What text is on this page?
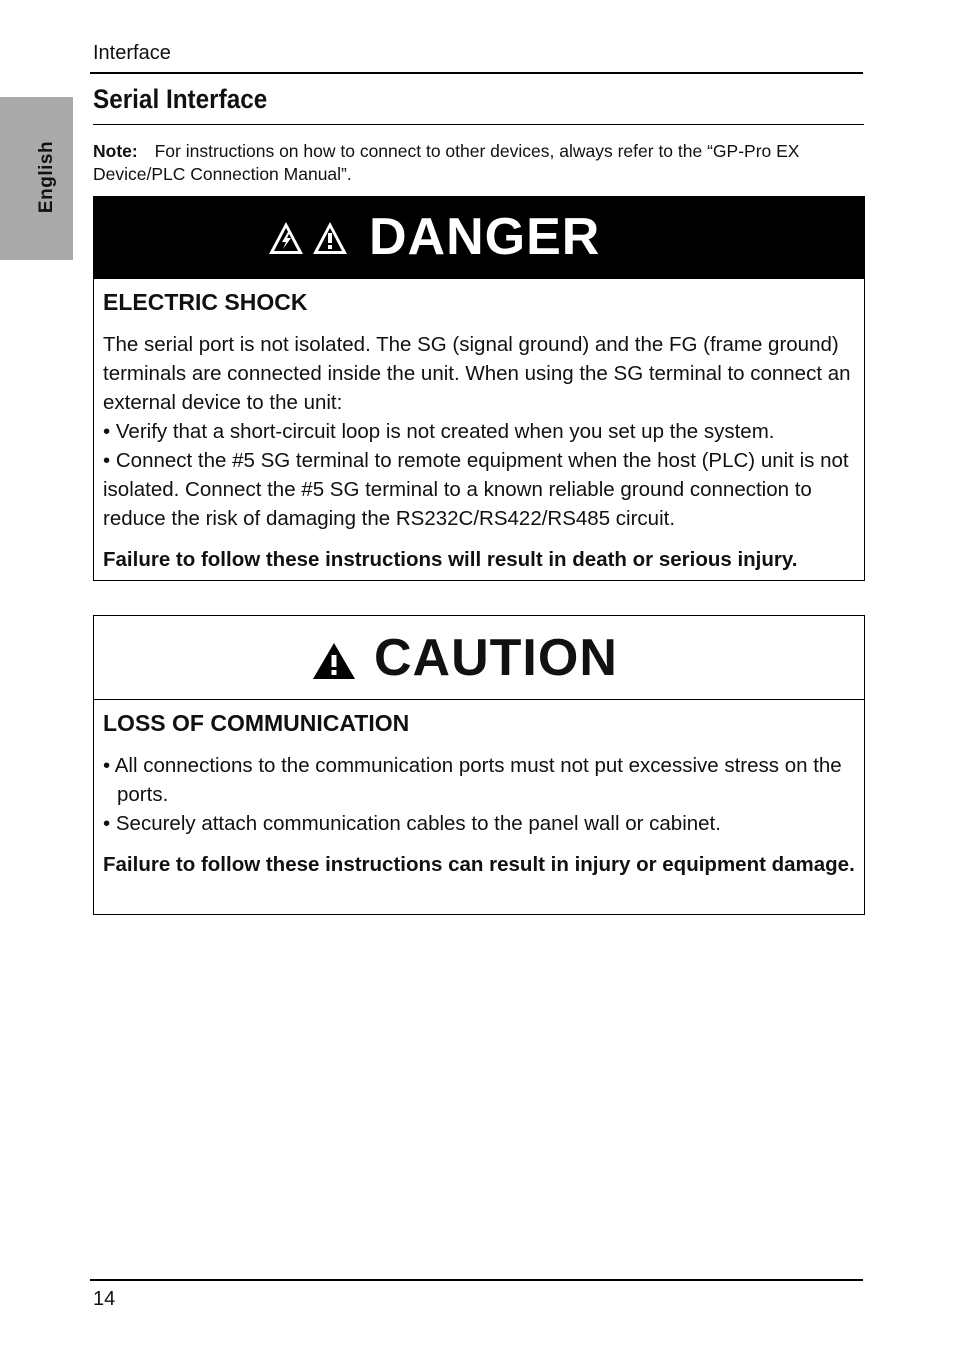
English
Interface
Serial Interface
Note: For instructions on how to connect to other devices, always refer to the “GP-Pro EX Device/PLC Connection Manual”.
DANGER
ELECTRIC SHOCK
The serial port is not isolated. The SG (signal ground) and the FG (frame ground) terminals are connected inside the unit. When using the SG terminal to connect an external device to the unit:
• Verify that a short-circuit loop is not created when you set up the system.
• Connect the #5 SG terminal to remote equipment when the host (PLC) unit is not isolated. Connect the #5 SG terminal to a known reliable ground connection to reduce the risk of damaging the RS232C/RS422/RS485 circuit.
Failure to follow these instructions will result in death or serious injury.
CAUTION
LOSS OF COMMUNICATION
• All connections to the communication ports must not put excessive stress on the ports.
• Securely attach communication cables to the panel wall or cabinet.
Failure to follow these instructions can result in injury or equipment damage.
14
